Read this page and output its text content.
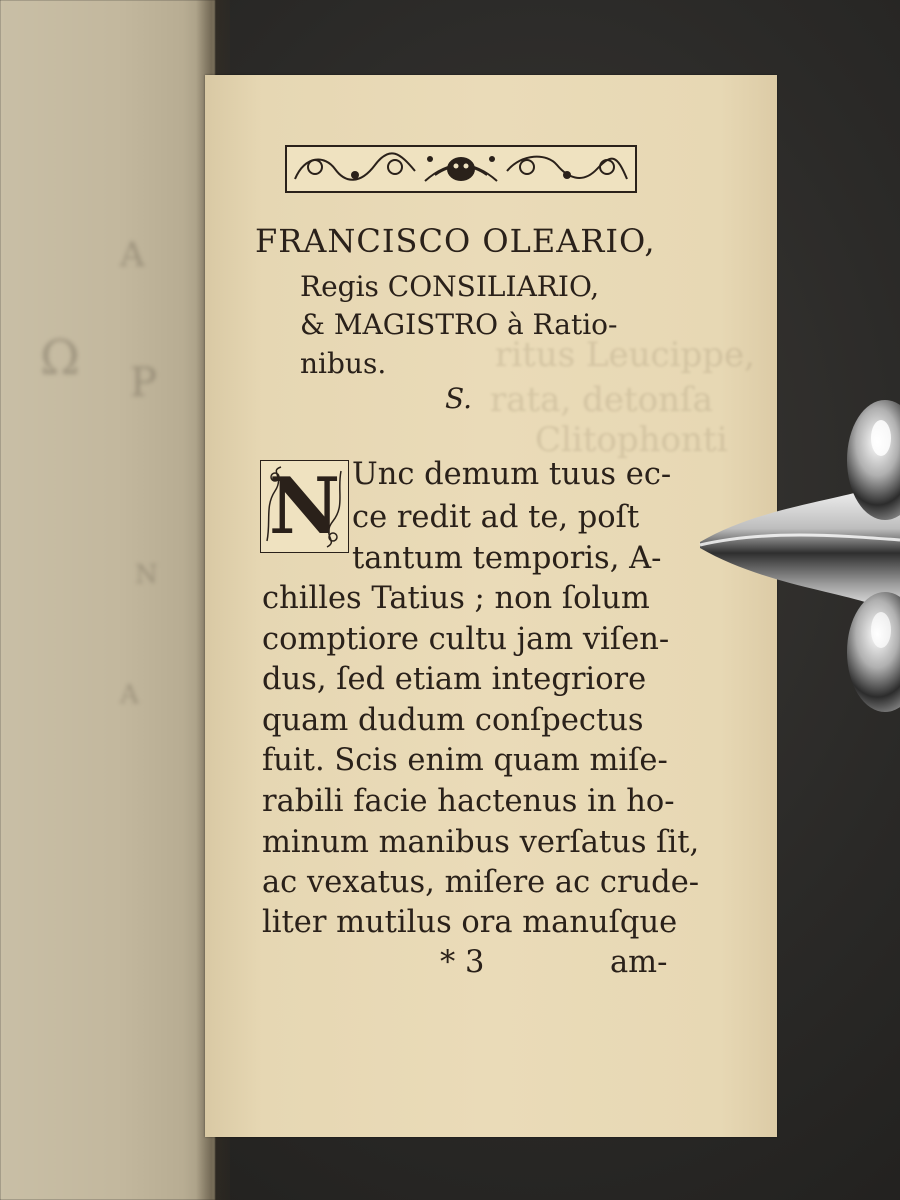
A
Ω P
N
A
ritus Leucippe,
rata, detonſa
Clitophonti
FRANCISCO OLEARIO,
Regis CONSILIARIO,
& MAGISTRO à Ratio-
nibus.
S.
N Unc demum tuus ec-
ce redit ad te, poſt
tantum temporis, A-
chilles Tatius ; non ſolum
comptiore cultu jam viſen-
dus, ſed etiam integriore
quam dudum conſpectus
fuit. Scis enim quam miſe-
rabili facie hactenus in ho-
minum manibus verſatus ſit,
ac vexatus, miſere ac crude-
liter mutilus ora manuſque
* 3	am-
